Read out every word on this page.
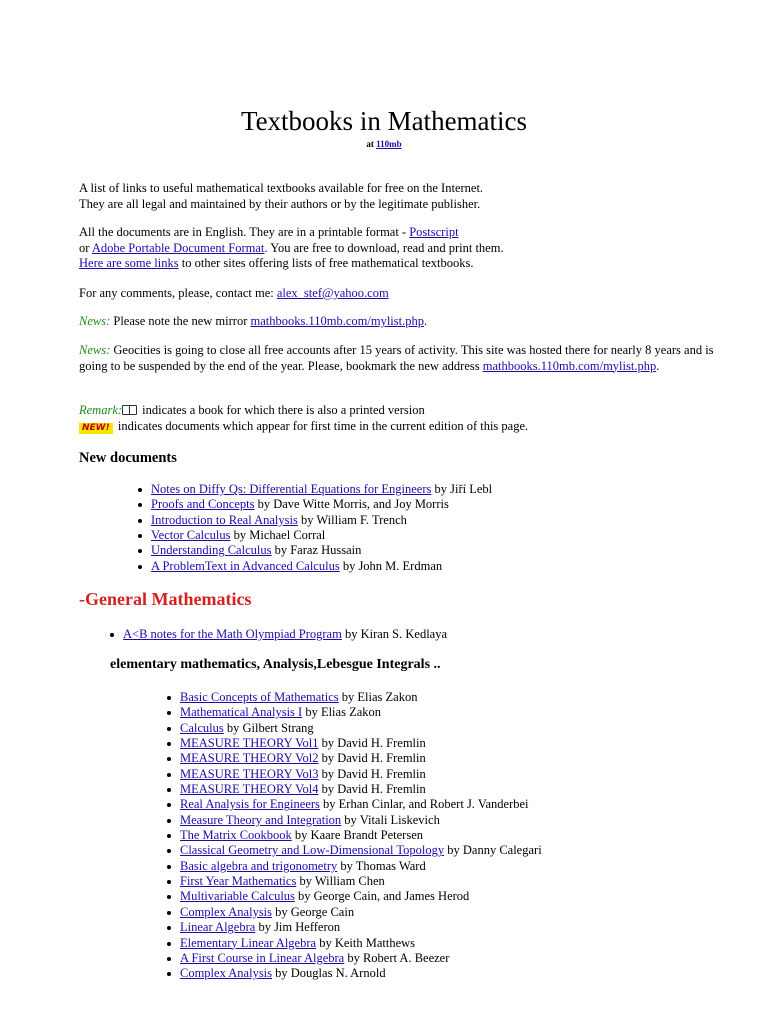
Textbooks in Mathematics
at 110mb

A list of links to useful mathematical textbooks available for free on the Internet.
They are all legal and maintained by their authors or by the legitimate publisher.

All the documents are in English. They are in a printable format - Postscript
or Adobe Portable Document Format. You are free to download, read and print them.
Here are some links to other sites offering lists of free mathematical textbooks.

For any comments, please, contact me: alex_stef@yahoo.com

News: Please note the new mirror mathbooks.110mb.com/mylist.php.

News: Geocities is going to close all free accounts after 15 years of activity. This site was hosted there for nearly 8 years and is going to be suspended by the end of the year. Please, bookmark the new address mathbooks.110mb.com/mylist.php.

Remark: indicates a book for which there is also a printed version
NEW! indicates documents which appear for first time in the current edition of this page.

New documents
Notes on Diffy Qs: Differential Equations for Engineers by Jiří Lebl
Proofs and Concepts by Dave Witte Morris, and Joy Morris
Introduction to Real Analysis by William F. Trench
Vector Calculus by Michael Corral
Understanding Calculus by Faraz Hussain
A ProblemText in Advanced Calculus by John M. Erdman
-General Mathematics
A<B notes for the Math Olympiad Program by Kiran S. Kedlaya
elementary mathematics, Analysis,Lebesgue Integrals ..
Basic Concepts of Mathematics by Elias Zakon
Mathematical Analysis I by Elias Zakon
Calculus by Gilbert Strang
MEASURE THEORY Vol1 by David H. Fremlin
MEASURE THEORY Vol2 by David H. Fremlin
MEASURE THEORY Vol3 by David H. Fremlin
MEASURE THEORY Vol4 by David H. Fremlin
Real Analysis for Engineers by Erhan Cinlar, and Robert J. Vanderbei
Measure Theory and Integration by Vitali Liskevich
The Matrix Cookbook by Kaare Brandt Petersen
Classical Geometry and Low-Dimensional Topology by Danny Calegari
Basic algebra and trigonometry by Thomas Ward
First Year Mathematics by William Chen
Multivariable Calculus by George Cain, and James Herod
Complex Analysis by George Cain
Linear Algebra by Jim Hefferon
Elementary Linear Algebra by Keith Matthews
A First Course in Linear Algebra by Robert A. Beezer
Complex Analysis by Douglas N. Arnold
